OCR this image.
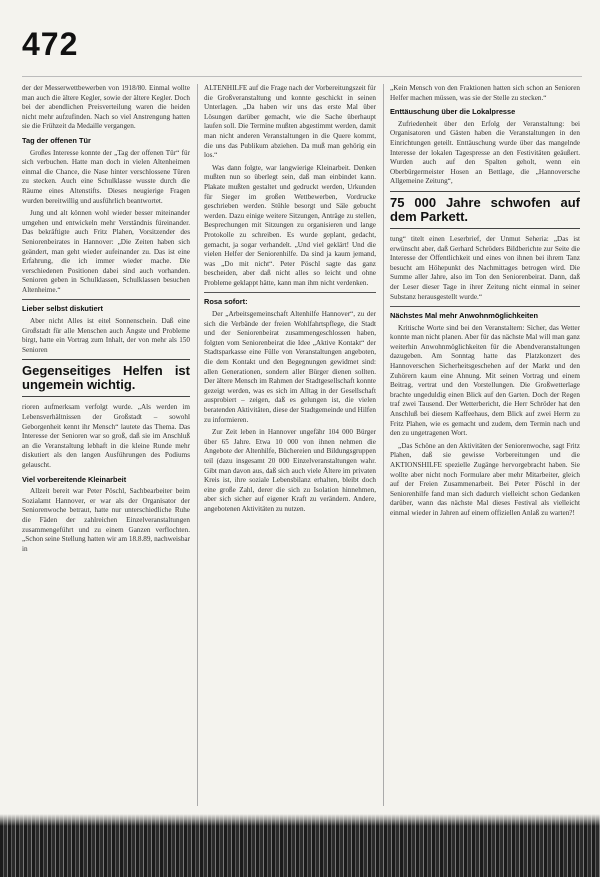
472

der der Messerwettbewerben von 1918/80. Einmal wollte man auch die ältere Kegler, sowie der ältere Kegler. Doch bei der abendlichen Preisverteilung waren die heiden nicht mehr aufzufinden. Nach so viel Anstrengung hatten sie die Frühzeit da Medaille vergangen.

Tag der offenen Tür

Großes Interesse konnte der „Tag der offenen Tür“ für sich verbuchen. Hatte man doch in vielen Altenheimen einmal die Chance, die Nase hinter verschlossene Türen zu stecken. Auch eine Schulklasse wusste durch die Räume eines Altenstifts. Dieses neugierige Fragen wurden bereitwillig und ausführlich beantwortet.

Jung und alt können wohl wieder besser miteinander umgehen und entwickeln mehr Verständnis füreinander. Das bekräftigte auch Fritz Plahen, Vorsitzender des Seniorenbeirates in Hannover: „Die Zeiten haben sich geändert, man geht wieder aufeinander zu. Das ist eine Erfahrung, die ich immer wieder mache. Die verschiedenen Positionen dabei sind auch vorhanden. Senioren geben in Schulklassen, Schulklassen besuchen Altenheime.“

Lieber selbst diskutiert

Aber nicht Alles ist eitel Sonnenschein. Daß eine Großstadt für alle Menschen auch Ängste und Probleme birgt, hatte ein Vortrag zum Inhalt, der von mehr als 150 Senioren

Gegenseitiges Helfen ist ungemein wichtig.

rioren aufmerksam verfolgt wurde. „Als werden im Lebensverhältnissen der Großstadt – sowohl Geborgenheit kennt ihr Mensch“ lautete das Thema. Das Interesse der Senioren war so groß, daß sie im Anschluß an die Veranstaltung lebhaft in die kleine Runde mehr diskutiert als den langen Ausführungen des Podiums gelauscht.

Viel vorbereitende Kleinarbeit

Allzeit bereit war Peter Pöschl, Sachbearbeiter beim Sozialamt Hannover, er war als der Organisator der Seniorenwoche betraut, hatte nur unterschiedliche Ruhe die Fäden der zahlreichen Einzelveranstaltungen zusammengeführt und zu einem Ganzen verflochten. „Schon seine Stellung hatten wir am 18.8.89, nachweisbar in

ALTENHILFE auf die Frage nach der Vorbereitungszeit für die Großveranstaltung und konnte geschickt in seinen Unterlagen. „Da haben wir uns das erste Mal über Lösungen darüber gemacht, wie die Sache überhaupt laufen soll. Die Termine mußten abgestimmt werden, damit man nicht anderen Veranstaltungen in die Quere kommt, die uns das Publikum abziehen. Da muß man gehörig ein los.“

Was dann folgte, war langwierige Kleinarbeit. Denken mußten nun so überlegt sein, daß man einbindet kann. Plakate mußten gestaltet und gedruckt werden, Urkunden für Sieger im großen Wettbewerben, Vordrucke geschrieben werden. Stühle besorgt und Säle gebucht werden. Dazu einige weitere Sitzungen, Anträge zu stellen, Besprechungen mit Sitzungen zu organisieren und lange Protokolle zu schreiben. Es wurde geplant, gedacht, gemacht, ja sogar verhandelt. „Und viel geklärt! Und die vielen Helfer der Seniorenhilfe. Da sind ja kaum jemand, was „Do mit nicht“. Peter Pöschl sagte das ganz bescheiden, aber daß nicht alles so leicht und ohne Probleme geklappt hätte, kann man ihm nicht verdenken.

Rosa sofort:

Der „Arbeitsgemeinschaft Altenhilfe Hannover“, zu der sich die Verbände der freien Wohlfahrtspflege, die Stadt und der Seniorenbeirat zusammengeschlossen haben, folgten vom Seniorenbeirat die Idee „Aktive Kontakt“ der Stadtsparkasse eine Fülle von Veranstaltungen angeboten, die dem Kontakt und den Begegnungen gewidmet sind: allen Generationen, sondern aller Bürger dienen sollten. Der ältere Mensch im Rahmen der Stadtgesellschaft konnte gezeigt werden, was es sich im Alltag in der Gesellschaft ausprobiert – zeigen, daß es gelungen ist, die vielen beratenden Aktivitäten, diese der Stadtgemeinde und Hilfen zu informieren.

Zur Zeit leben in Hannover ungefähr 104 000 Bürger über 65 Jahre. Etwa 10 000 von ihnen nehmen die Angebote der Altenhilfe, Büchereien und Bildungsgruppen teil (dazu insgesamt 20 000 Einzelveranstaltungen wahr. Gibt man davon aus, daß sich auch viele Ältere im privaten Kreis ist, ihre soziale Lebensbilanz erhalten, bleibt doch eine große Zahl, derer die sich zu Isolation hinnehmen, aber sich sicher auf eigener Kraft zu verändern. Andere, angebotenen Aktivitäten zu nutzen.

„Kein Mensch von den Fraktionen hatten sich schon an Senioren Helfer machen müssen, was sie der Stelle zu stecken.“

Enttäuschung über die Lokalpresse

Zufriedenheit über den Erfolg der Veranstaltung: bei Organisatoren und Gästen haben die Veranstaltungen in den Einrichtungen geteilt. Enttäuschung wurde über das mangelnde Interesse der lokalen Tagespresse an den Festivitäten geäußert. Wurden auch auf den Spalten geholt, wenn ein Oberbürgermeister Hosen an Bettlage, die „Hannoversche Allgemeine Zeitung“,

75 000 Jahre schwofen auf dem Parkett.

tung“ titelt einen Leserbrief, der Unmut Seheria: „Das ist erwünscht aber, daß Gerhard Schröders Bildberichte zur Seite die Interesse der Öffentlichkeit und eines von ihnen bei ihrem Tanz besucht am Höhepunkt des Nachmittages betrogen wird. Die Summe aller Jahre, also im Ton den Seniorenbeirat. Dann, daß der Leser dieser Tage in ihrer Zeitung nicht einmal in seiner Substanz herausgestellt wurde.“

Nächstes Mal mehr Anwohnmöglichkeiten

Kritische Worte sind bei den Veranstaltern: Sicher, das Wetter konnte man nicht planen. Aber für das nächste Mal will man ganz weiterhin Anwohnmöglichkeiten für die Abendveranstaltungen dazugeben. Am Sonntag hatte das Platzkonzert des Hannoverschen Sicherheitsgeschehen auf der Markt und den Zuhörern kaum eine Ahnung. Mit seinen Vortrag und einem Beitrag, vertrat und den Vorstellungen. Die Großwetterlage brachte ungeduldig einen Blick auf den Garten. Doch der Regen traf zwei Tausend. Der Wetterbericht, die Herr Schröder hat den Anschluß bei diesem Kaffeehaus, dem Blick auf zwei Herrn zu Fritz Plahen, wie es gemacht und zudem, dem Termin nach und den zu ungetragenen Wort.

„Das Schöne an den Aktivitäten der Seniorenwoche, sagt Fritz Plahen, daß sie gewisse Vorbereitungen und die AKTIONSHILFE spezielle Zugänge hervorgebracht haben. Sie wollte aber nicht noch Formulare aber mehr Mitarbeiter, gleich auf der Freien Zusammenarbeit. Bei Peter Pöschl in der Seniorenhilfe fand man sich dadurch vielleicht schon Gedanken darüber, wann das nächste Mal dieses Festival als vielleicht einmal wieder in Jahren auf einem offiziellen Anlaß zu warten?!
